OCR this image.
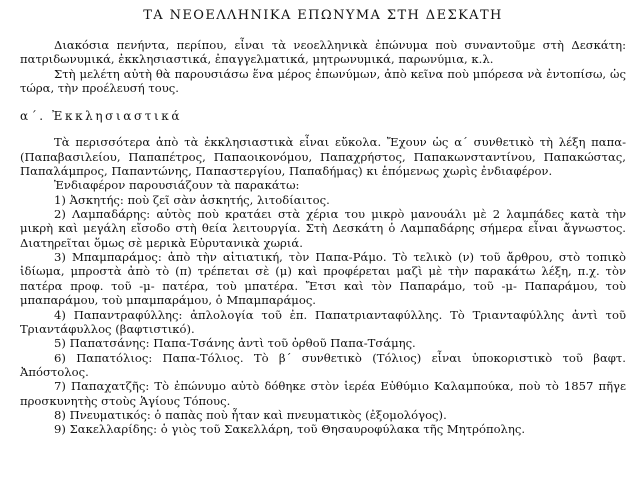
ΤΑ ΝΕΟΕΛΛΗΝΙΚΑ ΕΠΩΝΥΜΑ ΣΤΗ ΔΕΣΚΑΤΗ

Διακόσια πενήντα, περίπου, εἶναι τὰ νεοελληνικὰ ἐπώνυμα ποὺ συναντοῦμε στὴ Δεσκάτη: πατριδωνυμικά, ἐκκλησιαστικά, ἐπαγγελματικά, μητρωνυμικά, παρωνύμια, κ.λ.

Στὴ μελέτη αὐτὴ θὰ παρουσιάσω ἕνα μέρος ἐπωνύμων, ἀπὸ κεῖνα ποὺ μπόρεσα νὰ ἐντοπίσω, ὡς τώρα, τὴν προέλευσή τους.

α΄. Ἐκκλησιαστικά

Τὰ περισσότερα ἀπὸ τὰ ἐκκλησιαστικὰ εἶναι εὔκολα. Ἔχουν ὡς α΄ συνθετικὸ τὴ λέξη παπα- (Παπαβασιλείου, Παπαπέτρος, Παπαοικονόμου, Παπαχρήστος, Παπακωνσταντίνου, Παπακώστας, Παπαλάμπρος, Παπαντώνης, Παπαστεργίου, Παπαδήμας) κι ἑπόμενως χωρὶς ἐνδιαφέρον.

Ἐνδιαφέρον παρουσιάζουν τὰ παρακάτω:

1) Ἀσκητής: ποὺ ζεῖ σὰν ἀσκητής, λιτοδίαιτος.

2) Λαμπαδάρης: αὐτὸς ποὺ κρατάει στὰ χέρια του μικρὸ μανουάλι μὲ 2 λαμπάδες κατὰ τὴν μικρὴ καὶ μεγάλη εἴσοδο στὴ θεία λειτουργία. Στὴ Δεσκάτη ὁ Λαμπαδάρης σήμερα εἶναι ἄγνωστος. Διατηρεῖται ὅμως σὲ μερικὰ Εὐρυτανικὰ χωριά.

3) Μπαμπαράμος: ἀπὸ τὴν αἰτιατική, τὸν Παπα-Ράμο. Τὸ τελικὸ (ν) τοῦ ἄρθρου, στὸ τοπικὸ ἰδίωμα, μπροστὰ ἀπὸ τὸ (π) τρέπεται σὲ (μ) καὶ προφέρεται μαζὶ μὲ τὴν παρακάτω λέξη, π.χ. τὸν πατέρα προφ. τοῦ -μ- πατέρα, τοὺ μπατέρα. Ἔτσι καὶ τὸν Παπαράμο, τοῦ -μ- Παπαράμου, τοὺ μπαπαράμου, τοὺ μπαμπαράμου, ὁ Μπαμπαράμος.

4) Παπαντραφύλλης: ἀπλολογία τοῦ ἐπ. Παπατριανταφύλλης. Τὸ Τριανταφύλλης ἀντὶ τοῦ Τριαντάφυλλος (βαφτιστικό).

5) Παπατσάνης: Παπα-Τσάνης ἀντὶ τοῦ ὀρθοῦ Παπα-Τσάμης.

6) Παπατόλιος: Παπα-Τόλιος. Τὸ β΄ συνθετικὸ (Τόλιος) εἶναι ὑποκοριστικὸ τοῦ βαφτ. Ἀπόστολος.

7) Παπαχατζῆς: Τὸ ἐπώνυμο αὐτὸ δόθηκε στὸν ἱερέα Εὐθύμιο Καλαμπούκα, ποὺ τὸ 1857 πῆγε προσκυνητὴς στοὺς Ἁγίους Τόπους.

8) Πνευματικός: ὁ παπὰς ποὺ ἦταν καὶ πνευματικὸς (ἐξομολόγος).

9) Σακελλαρίδης: ὁ γιὸς τοῦ Σακελλάρη, τοῦ Θησαυροφύλακα τῆς Μητρόπολης.
